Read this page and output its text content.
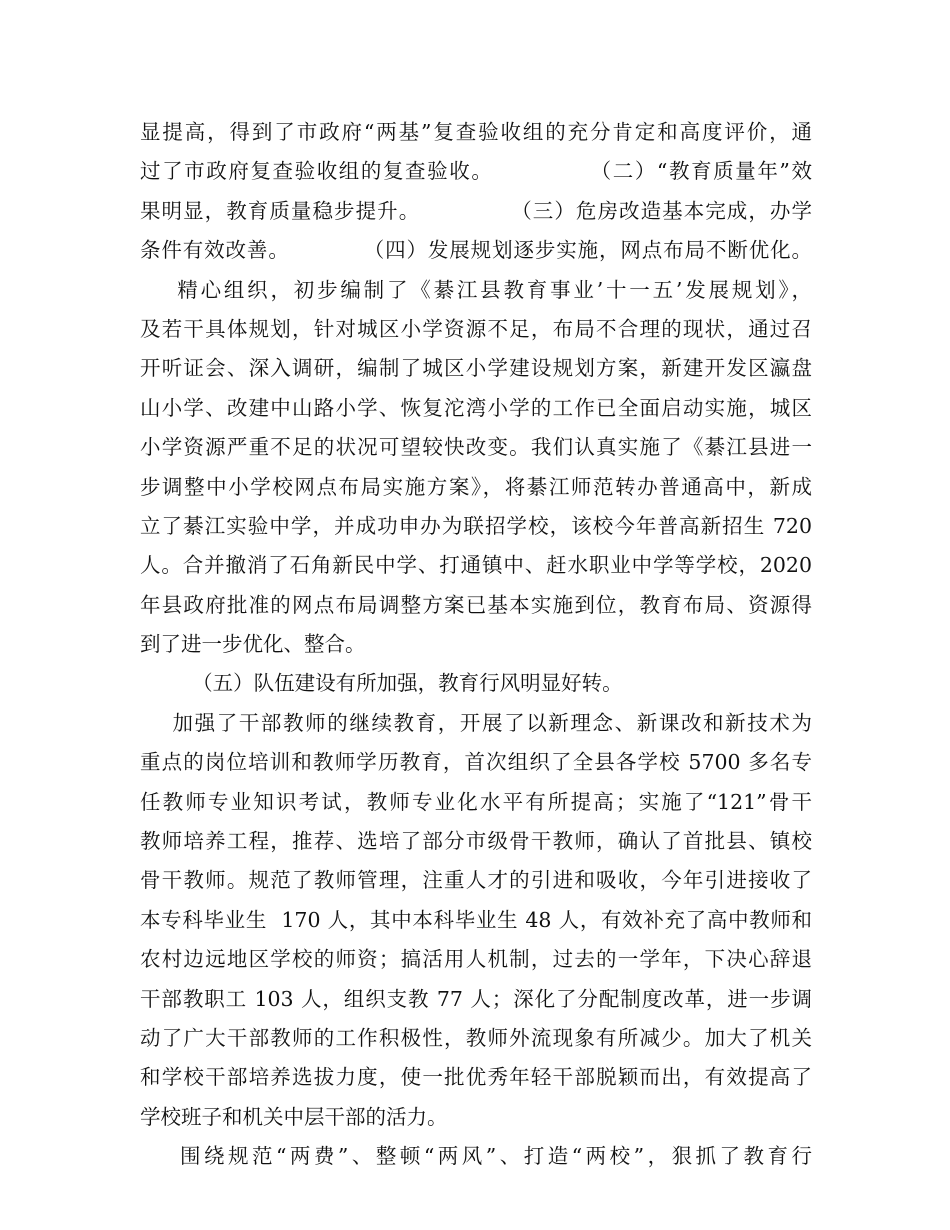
显提高，得到了市政府“两基”复查验收组的充分肯定和高度评价，通
过了市政府复查验收组的复查验收。            （二）“教育质量年”效
果明显，教育质量稳步提升。            （三）危房改造基本完成，办学
条件有效改善。          （四）发展规划逐步实施，网点布局不断优化。
精心组织，初步编制了《綦江县教育事业’十一五’发展规划》，
及若干具体规划，针对城区小学资源不足，布局不合理的现状，通过召
开听证会、深入调研，编制了城区小学建设规划方案，新建开发区瀛盘
山小学、改建中山路小学、恢复沱湾小学的工作已全面启动实施，城区
小学资源严重不足的状况可望较快改变。我们认真实施了《綦江县进一
步调整中小学校网点布局实施方案》，将綦江师范转办普通高中，新成
立了綦江实验中学，并成功申办为联招学校，该校今年普高新招生 720
人。合并撤消了石角新民中学、打通镇中、赶水职业中学等学校，2020
年县政府批准的网点布局调整方案已基本实施到位，教育布局、资源得
到了进一步优化、整合。
（五）队伍建设有所加强，教育行风明显好转。
加强了干部教师的继续教育，开展了以新理念、新课改和新技术为
重点的岗位培训和教师学历教育，首次组织了全县各学校 5700 多名专
任教师专业知识考试，教师专业化水平有所提高；实施了“121”骨干
教师培养工程，推荐、选培了部分市级骨干教师，确认了首批县、镇校
骨干教师。规范了教师管理，注重人才的引进和吸收，今年引进接收了
本专科毕业生  170 人，其中本科毕业生 48 人，有效补充了高中教师和
农村边远地区学校的师资；搞活用人机制，过去的一学年，下决心辞退
干部教职工 103 人，组织支教 77 人；深化了分配制度改革，进一步调
动了广大干部教师的工作积极性，教师外流现象有所减少。加大了机关
和学校干部培养选拔力度，使一批优秀年轻干部脱颖而出，有效提高了
学校班子和机关中层干部的活力。
围绕规范“两费”、整顿“两风”、打造“两校”，狠抓了教育行
